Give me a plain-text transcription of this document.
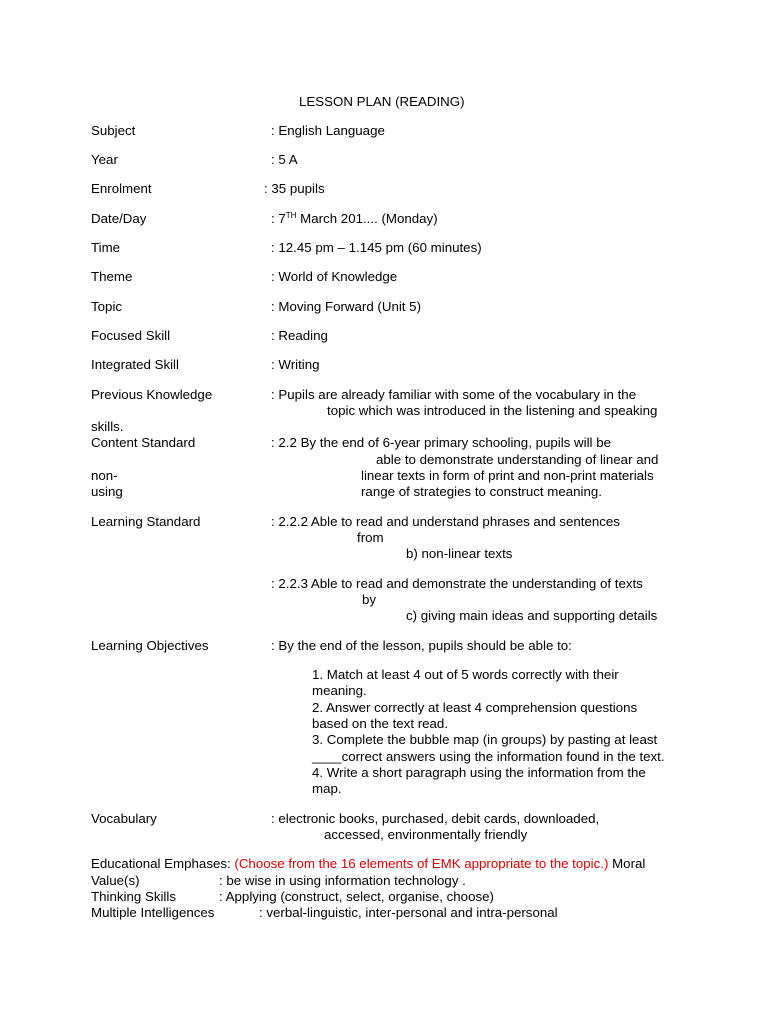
LESSON PLAN (READING)
Subject	: English Language
Year	: 5 A
Enrolment	: 35 pupils
Date/Day	: 7TH March 201.... (Monday)
Time	: 12.45 pm – 1.145 pm (60 minutes)
Theme	: World of Knowledge
Topic	: Moving Forward (Unit 5)
Focused Skill	: Reading
Integrated Skill	: Writing
Previous Knowledge	: Pupils are already familiar with some of the vocabulary in the
topic which was introduced in the listening and speaking
skills.
Content Standard	: 2.2 By the end of 6-year primary schooling, pupils will be
able to demonstrate understanding of linear and
non-	linear texts in form of print and non-print materials
using	range of strategies to construct meaning.
Learning Standard	: 2.2.2 Able to read and understand phrases and sentences
from
b) non-linear texts
: 2.2.3 Able to read and demonstrate the understanding of texts
by
c) giving main ideas and supporting details
Learning Objectives	: By the end of the lesson, pupils should be able to:
1. Match at least 4 out of 5 words correctly with their
meaning.
2. Answer correctly at least 4 comprehension questions
based on the text read.
3. Complete the bubble map (in groups) by pasting at least
____correct answers using the information found in the text.
4. Write a short paragraph using the information from the
map.
Vocabulary	: electronic books, purchased, debit cards, downloaded,
accessed, environmentally friendly
Educational Emphases: (Choose from the 16 elements of EMK appropriate to the topic.) Moral
Value(s)	: be wise in using information technology .
Thinking Skills	: Applying (construct, select, organise, choose)
Multiple Intelligences	: verbal-linguistic, inter-personal and intra-personal
